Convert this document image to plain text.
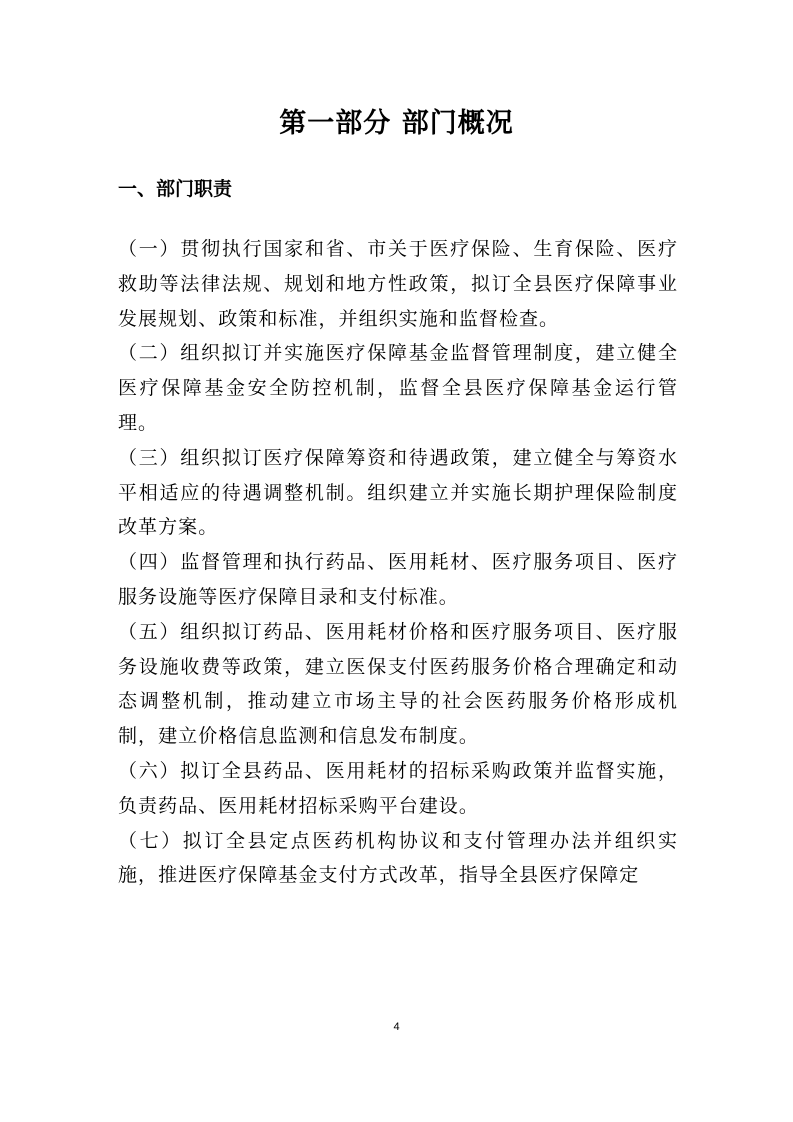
第一部分 部门概况
一、部门职责

（一）贯彻执行国家和省、市关于医疗保险、生育保险、医疗救助等法律法规、规划和地方性政策，拟订全县医疗保障事业发展规划、政策和标准，并组织实施和监督检查。

（二）组织拟订并实施医疗保障基金监督管理制度，建立健全医疗保障基金安全防控机制，监督全县医疗保障基金运行管理。

（三）组织拟订医疗保障筹资和待遇政策，建立健全与筹资水平相适应的待遇调整机制。组织建立并实施长期护理保险制度改革方案。

（四）监督管理和执行药品、医用耗材、医疗服务项目、医疗服务设施等医疗保障目录和支付标准。

（五）组织拟订药品、医用耗材价格和医疗服务项目、医疗服务设施收费等政策，建立医保支付医药服务价格合理确定和动态调整机制，推动建立市场主导的社会医药服务价格形成机制，建立价格信息监测和信息发布制度。

（六）拟订全县药品、医用耗材的招标采购政策并监督实施，负责药品、医用耗材招标采购平台建设。

（七）拟订全县定点医药机构协议和支付管理办法并组织实施，推进医疗保障基金支付方式改革，指导全县医疗保障定

4
